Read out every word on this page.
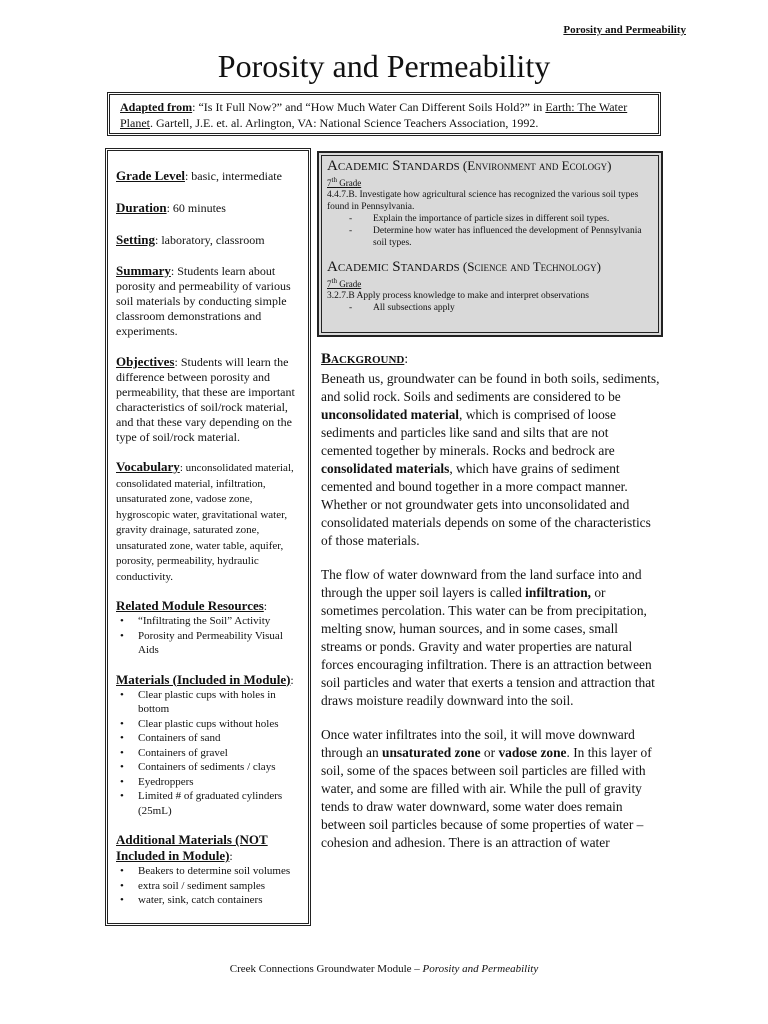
Porosity and Permeability
Porosity and Permeability
Adapted from: “Is It Full Now?” and “How Much Water Can Different Soils Hold?” in Earth: The Water Planet. Gartell, J.E. et. al. Arlington, VA: National Science Teachers Association, 1992.
Grade Level: basic, intermediate
Duration: 60 minutes
Setting: laboratory, classroom
Summary: Students learn about porosity and permeability of various soil materials by conducting simple classroom demonstrations and experiments.
Objectives: Students will learn the difference between porosity and permeability, that these are important characteristics of soil/rock material, and that these vary depending on the type of soil/rock material.
Vocabulary: unconsolidated material, consolidated material, infiltration, unsaturated zone, vadose zone, hygroscopic water, gravitational water, gravity drainage, saturated zone, unsaturated zone, water table, aquifer, porosity, permeability, hydraulic conductivity.
Related Module Resources:
• “Infiltrating the Soil” Activity
• Porosity and Permeability Visual Aids
Materials (Included in Module):
• Clear plastic cups with holes in bottom
• Clear plastic cups without holes
• Containers of sand
• Containers of gravel
• Containers of sediments / clays
• Eyedroppers
• Limited # of graduated cylinders (25mL)
Additional Materials (NOT Included in Module):
• Beakers to determine soil volumes
• extra soil / sediment samples
• water, sink, catch containers
Academic Standards (Environment and Ecology)
7th Grade
4.4.7.B. Investigate how agricultural science has recognized the various soil types found in Pennsylvania.
- Explain the importance of particle sizes in different soil types.
- Determine how water has influenced the development of Pennsylvania soil types.
Academic Standards (Science and Technology)
7th Grade
3.2.7.B Apply process knowledge to make and interpret observations
- All subsections apply
Background:

Beneath us, groundwater can be found in both soils, sediments, and solid rock. Soils and sediments are considered to be unconsolidated material, which is comprised of loose sediments and particles like sand and silts that are not cemented together by minerals. Rocks and bedrock are consolidated materials, which have grains of sediment cemented and bound together in a more compact manner. Whether or not groundwater gets into unconsolidated and consolidated materials depends on some of the characteristics of those materials.

The flow of water downward from the land surface into and through the upper soil layers is called infiltration, or sometimes percolation. This water can be from precipitation, melting snow, human sources, and in some cases, small streams or ponds. Gravity and water properties are natural forces encouraging infiltration. There is an attraction between soil particles and water that exerts a tension and attraction that draws moisture readily downward into the soil.

Once water infiltrates into the soil, it will move downward through an unsaturated zone or vadose zone. In this layer of soil, some of the spaces between soil particles are filled with water, and some are filled with air. While the pull of gravity tends to draw water downward, some water does remain between soil particles because of some properties of water – cohesion and adhesion. There is an attraction of water

Creek Connections Groundwater Module – Porosity and Permeability
